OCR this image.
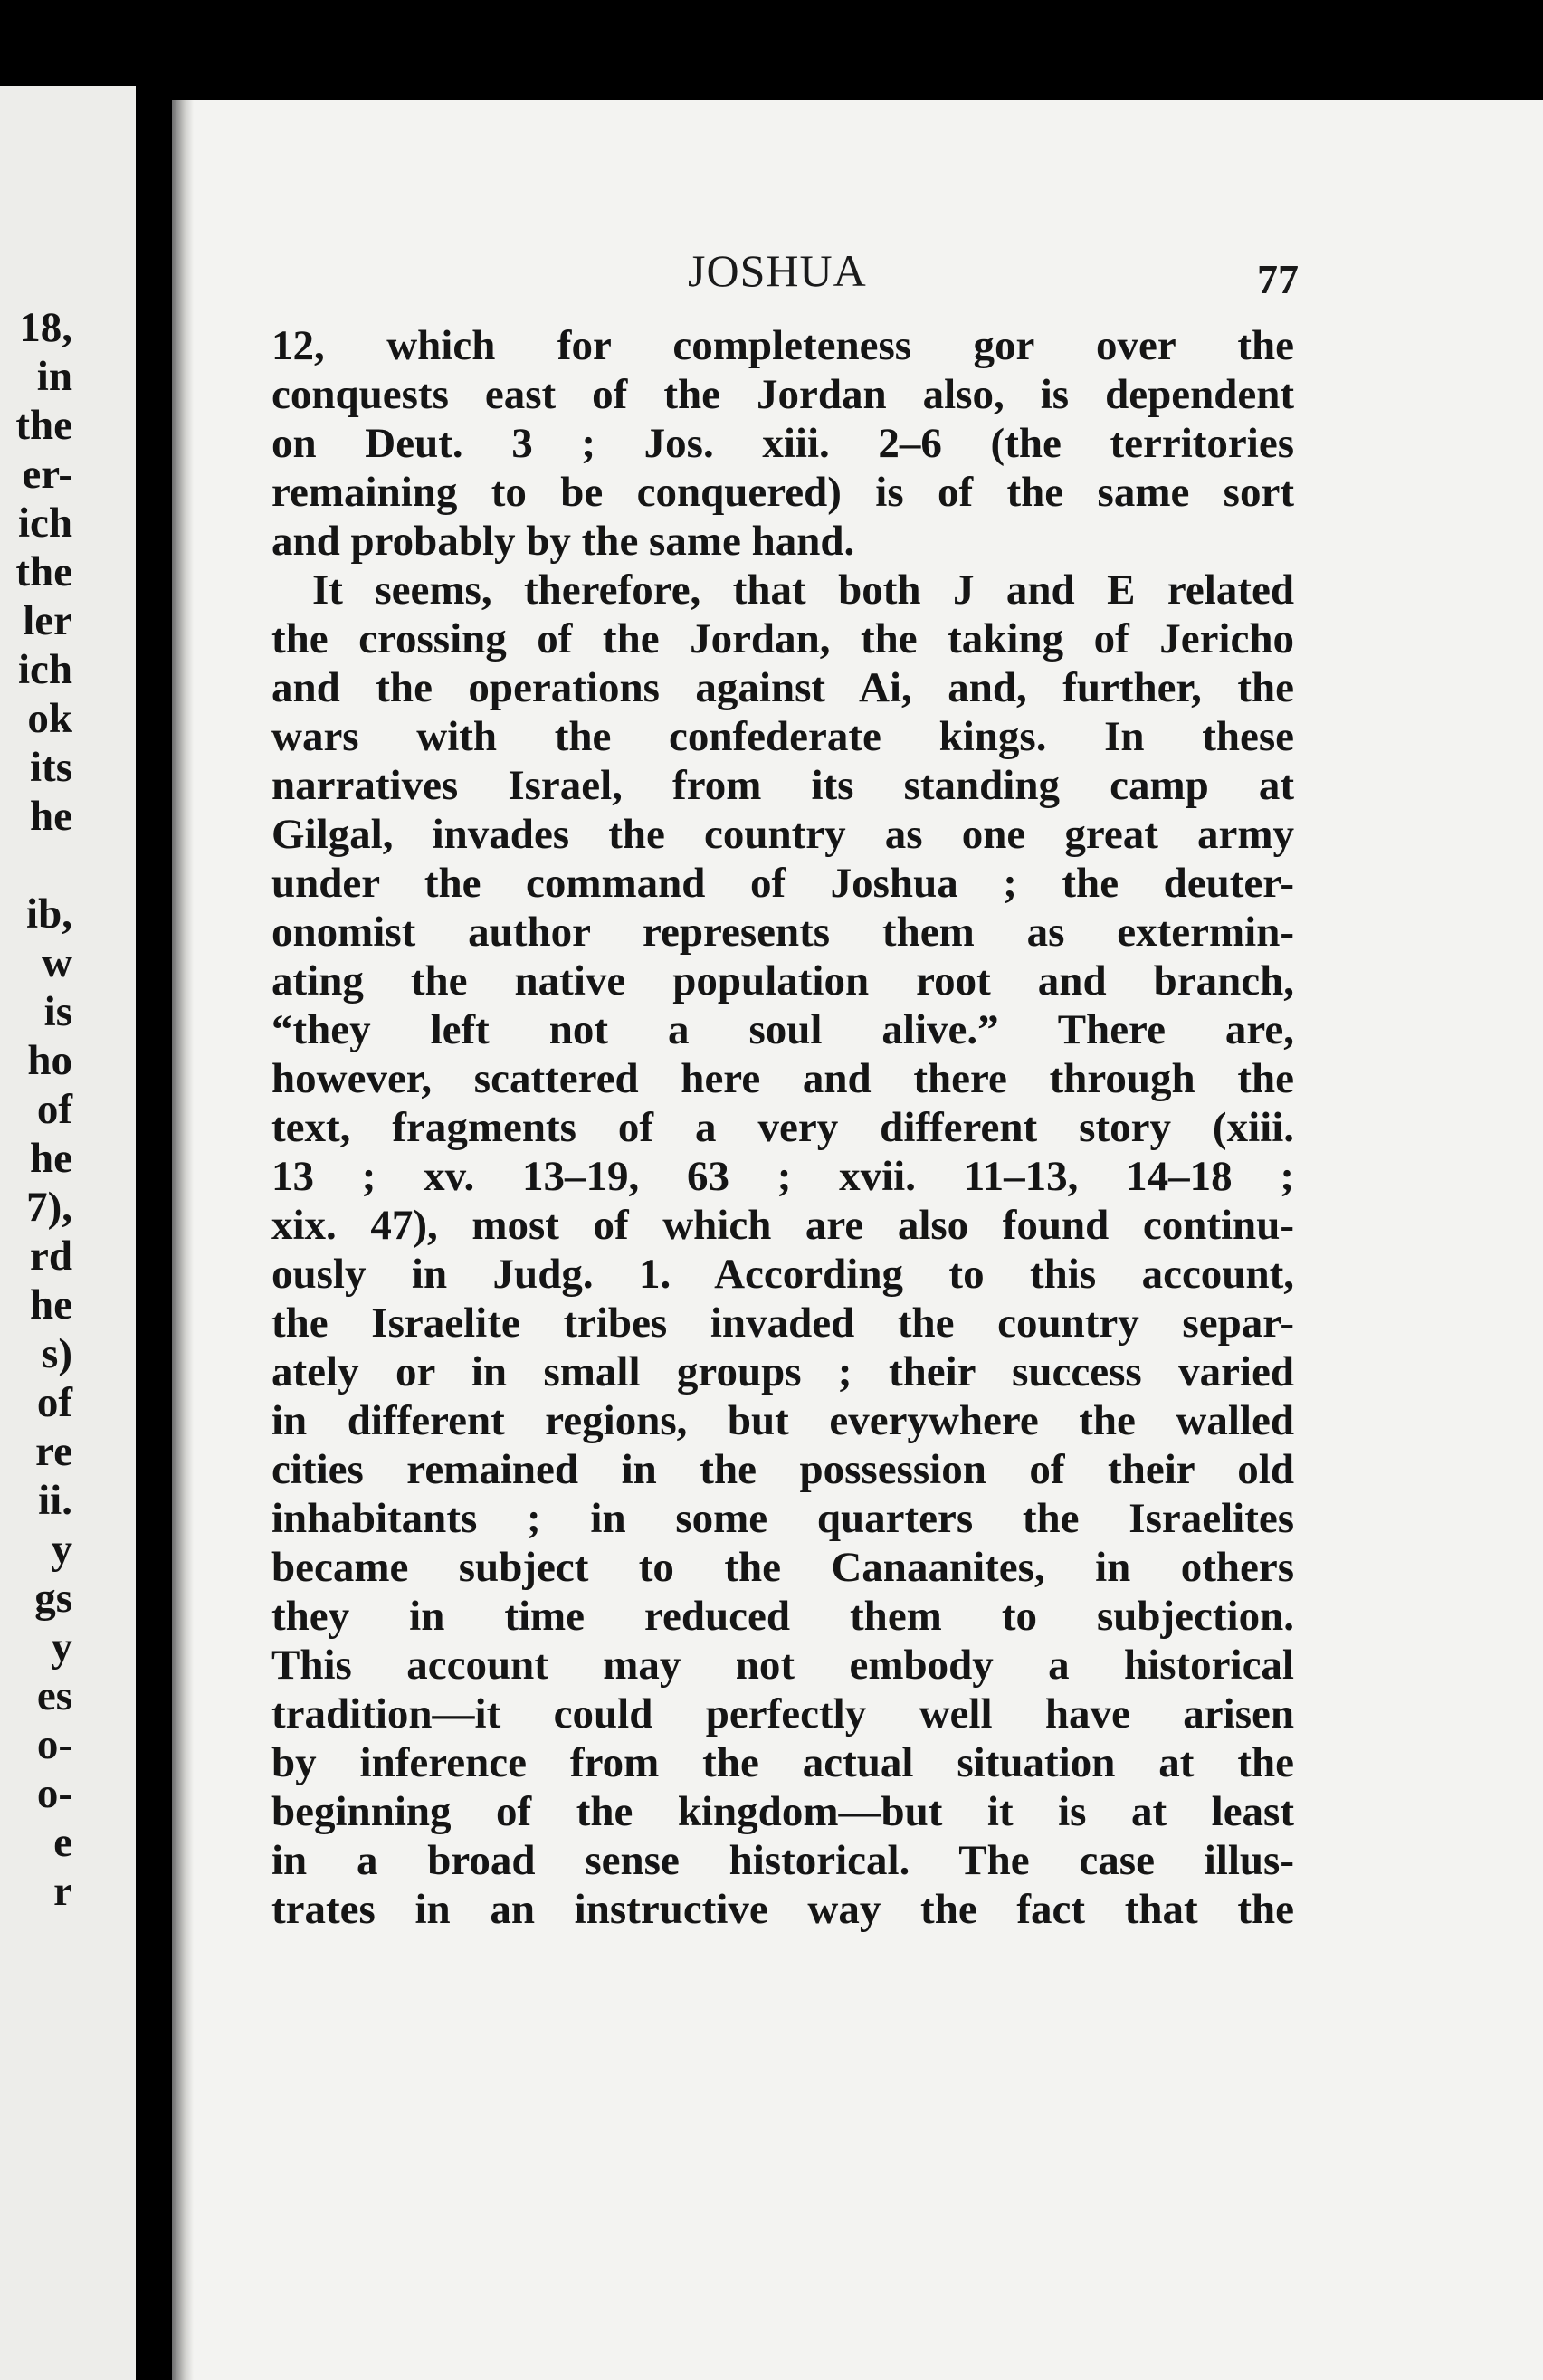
18,
in
the
er-
ich
the
ler
ich
ok
its
he
ib,
w
is
ho
of
he
7),
rd
he
s)
of
re
ii.
y
gs
y
es
o-
o-
e
r
JOSHUA	77
12, which for completeness gor over the
conquests east of the Jordan also, is dependent
on Deut. 3 ; Jos. xiii. 2–6 (the territories
remaining to be conquered) is of the same sort
and probably by the same hand.
It seems, therefore, that both J and E related
the crossing of the Jordan, the taking of Jericho
and the operations against Ai, and, further, the
wars with the confederate kings. In these
narratives Israel, from its standing camp at
Gilgal, invades the country as one great army
under the command of Joshua ; the deuter-
onomist author represents them as extermin-
ating the native population root and branch,
“they left not a soul alive.” There are,
however, scattered here and there through the
text, fragments of a very different story (xiii.
13 ; xv. 13–19, 63 ; xvii. 11–13, 14–18 ;
xix. 47), most of which are also found continu-
ously in Judg. 1. According to this account,
the Israelite tribes invaded the country separ-
ately or in small groups ; their success varied
in different regions, but everywhere the walled
cities remained in the possession of their old
inhabitants ; in some quarters the Israelites
became subject to the Canaanites, in others
they in time reduced them to subjection.
This account may not embody a historical
tradition—it could perfectly well have arisen
by inference from the actual situation at the
beginning of the kingdom—but it is at least
in a broad sense historical. The case illus-
trates in an instructive way the fact that the
